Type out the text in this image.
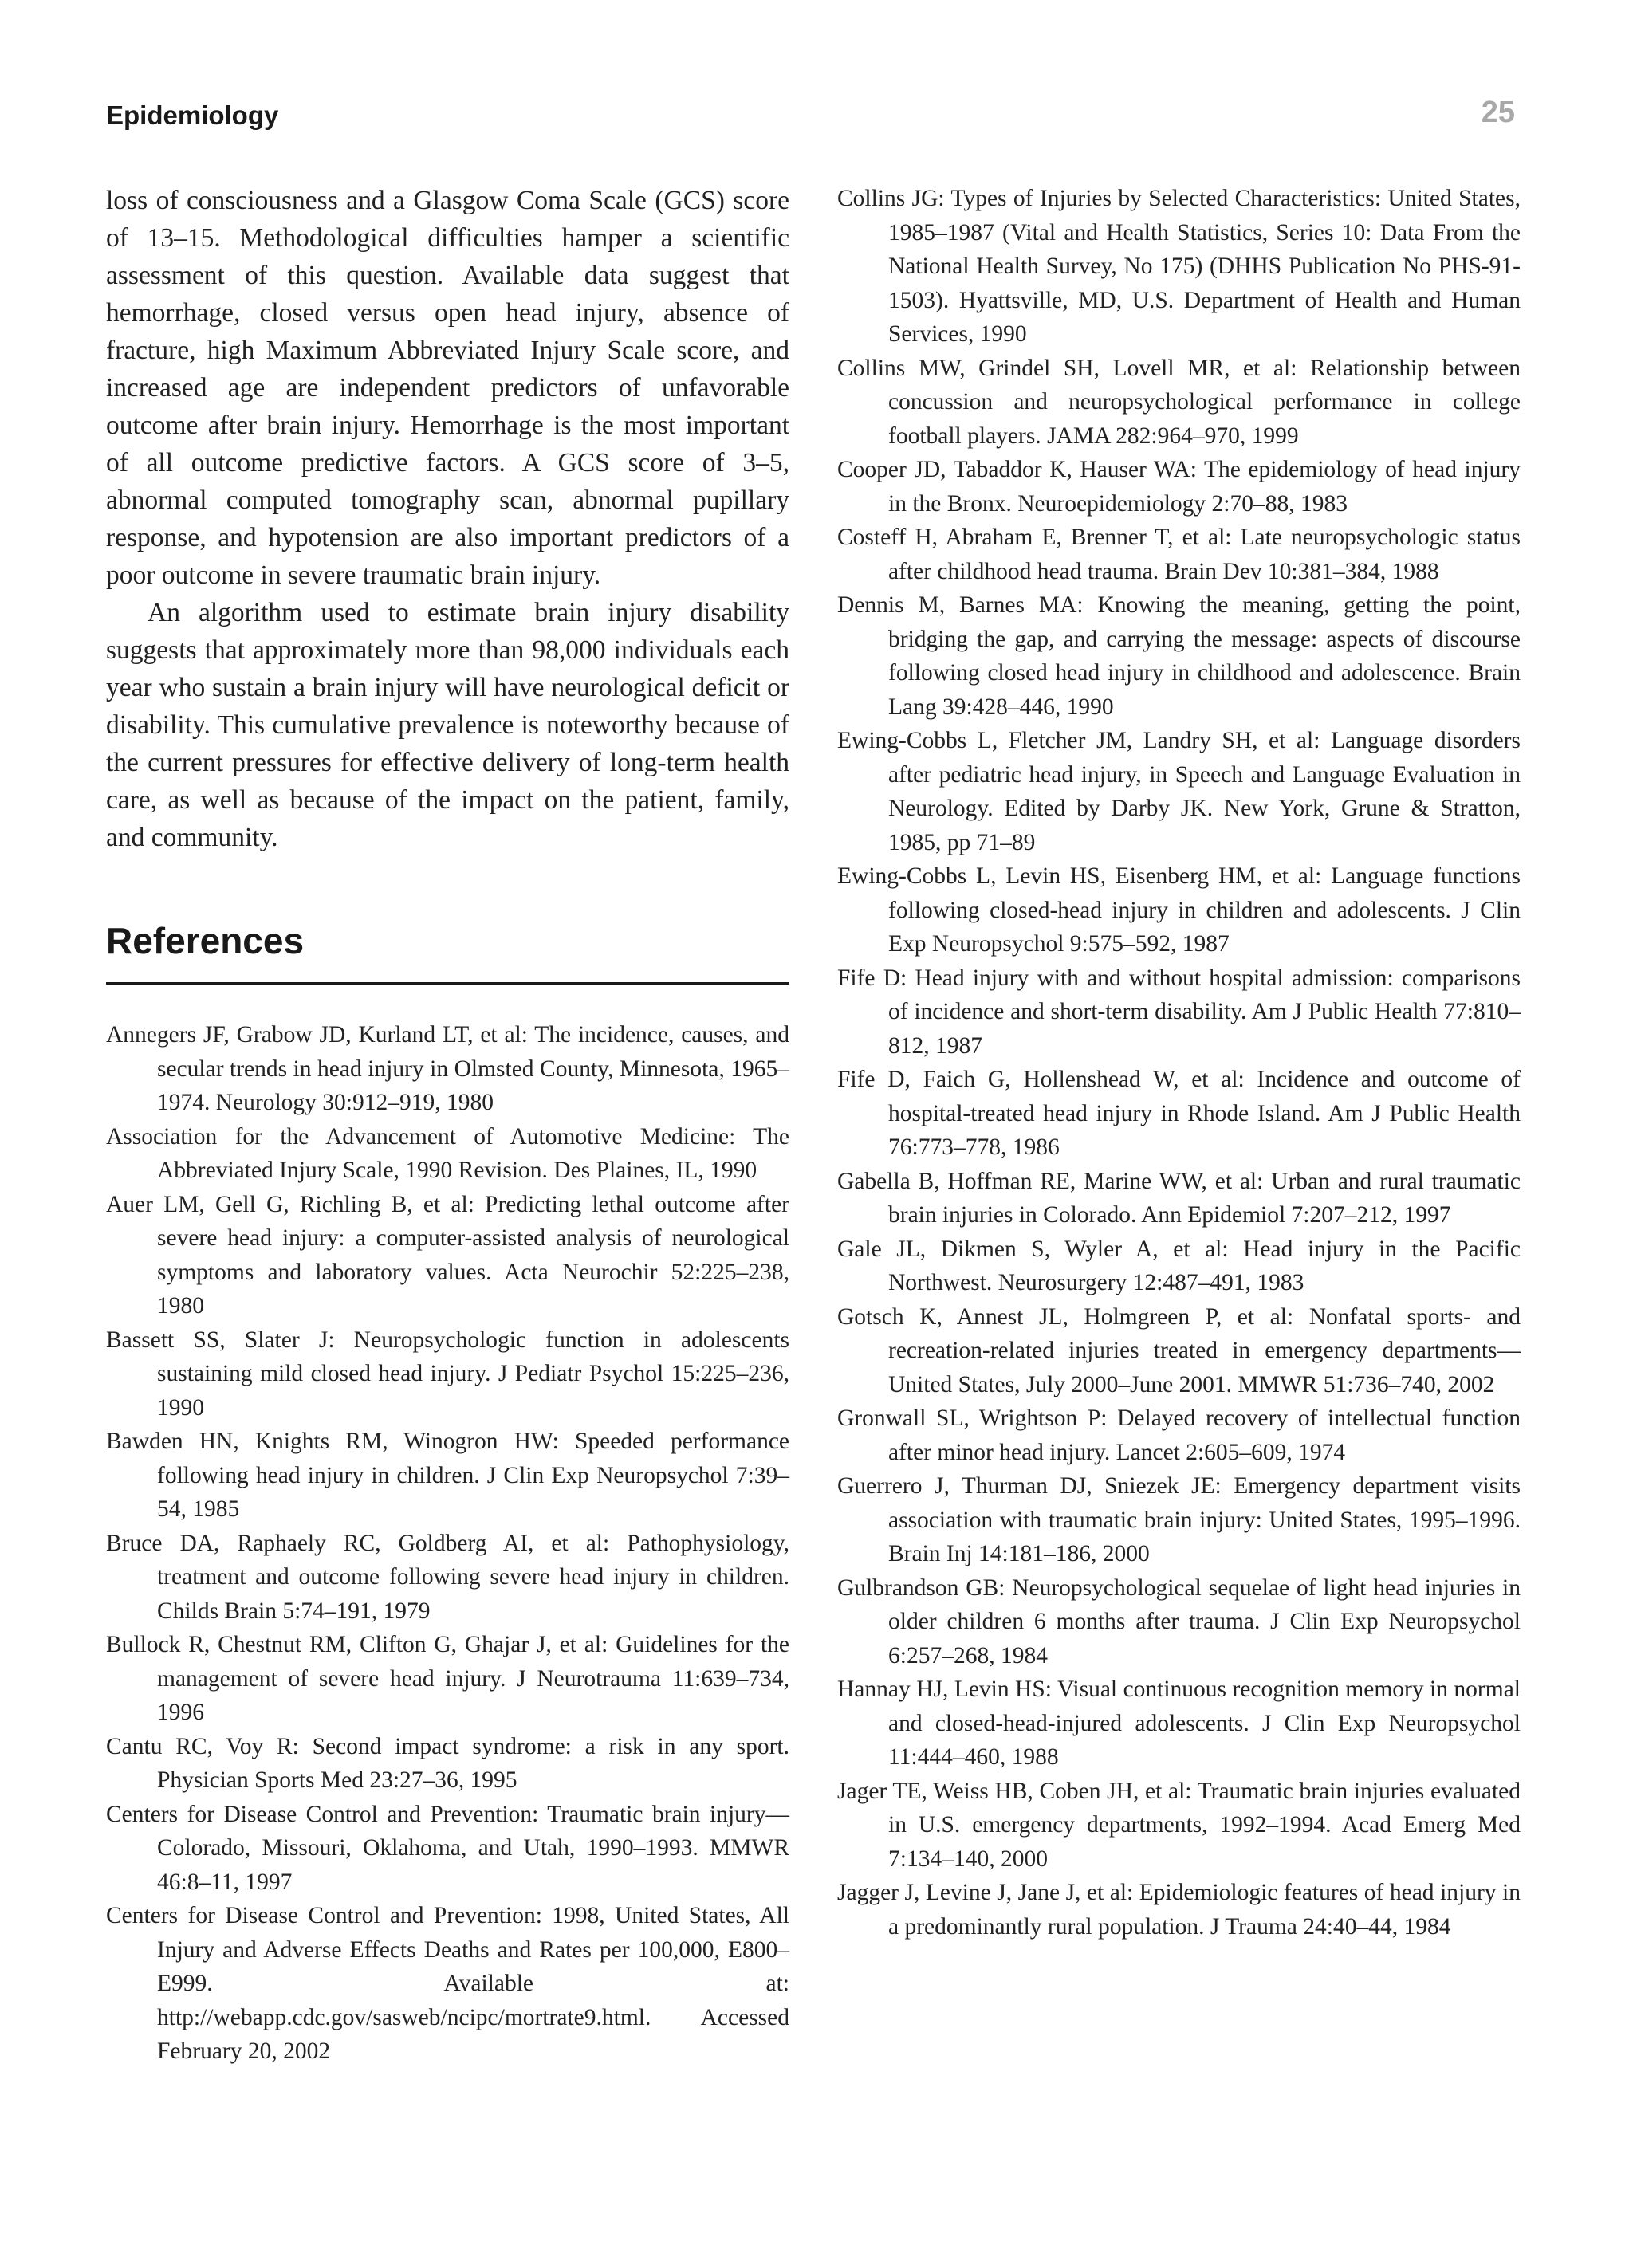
Epidemiology	25

loss of consciousness and a Glasgow Coma Scale (GCS) score of 13–15. Methodological difficulties hamper a scientific assessment of this question. Available data suggest that hemorrhage, closed versus open head injury, absence of fracture, high Maximum Abbreviated Injury Scale score, and increased age are independent predictors of unfavorable outcome after brain injury. Hemorrhage is the most important of all outcome predictive factors. A GCS score of 3–5, abnormal computed tomography scan, abnormal pupillary response, and hypotension are also important predictors of a poor outcome in severe traumatic brain injury.

An algorithm used to estimate brain injury disability suggests that approximately more than 98,000 individuals each year who sustain a brain injury will have neurological deficit or disability. This cumulative prevalence is noteworthy because of the current pressures for effective delivery of long-term health care, as well as because of the impact on the patient, family, and community.

References
Annegers JF, Grabow JD, Kurland LT, et al: The incidence, causes, and secular trends in head injury in Olmsted County, Minnesota, 1965–1974. Neurology 30:912–919, 1980
Association for the Advancement of Automotive Medicine: The Abbreviated Injury Scale, 1990 Revision. Des Plaines, IL, 1990
Auer LM, Gell G, Richling B, et al: Predicting lethal outcome after severe head injury: a computer-assisted analysis of neurological symptoms and laboratory values. Acta Neurochir 52:225–238, 1980
Bassett SS, Slater J: Neuropsychologic function in adolescents sustaining mild closed head injury. J Pediatr Psychol 15:225–236, 1990
Bawden HN, Knights RM, Winogron HW: Speeded performance following head injury in children. J Clin Exp Neuropsychol 7:39–54, 1985
Bruce DA, Raphaely RC, Goldberg AI, et al: Pathophysiology, treatment and outcome following severe head injury in children. Childs Brain 5:74–191, 1979
Bullock R, Chestnut RM, Clifton G, Ghajar J, et al: Guidelines for the management of severe head injury. J Neurotrauma 11:639–734, 1996
Cantu RC, Voy R: Second impact syndrome: a risk in any sport. Physician Sports Med 23:27–36, 1995
Centers for Disease Control and Prevention: Traumatic brain injury—Colorado, Missouri, Oklahoma, and Utah, 1990–1993. MMWR 46:8–11, 1997
Centers for Disease Control and Prevention: 1998, United States, All Injury and Adverse Effects Deaths and Rates per 100,000, E800–E999. Available at: http://webapp.cdc.gov/sasweb/ncipc/mortrate9.html. Accessed February 20, 2002
Collins JG: Types of Injuries by Selected Characteristics: United States, 1985–1987 (Vital and Health Statistics, Series 10: Data From the National Health Survey, No 175) (DHHS Publication No PHS-91-1503). Hyattsville, MD, U.S. Department of Health and Human Services, 1990
Collins MW, Grindel SH, Lovell MR, et al: Relationship between concussion and neuropsychological performance in college football players. JAMA 282:964–970, 1999
Cooper JD, Tabaddor K, Hauser WA: The epidemiology of head injury in the Bronx. Neuroepidemiology 2:70–88, 1983
Costeff H, Abraham E, Brenner T, et al: Late neuropsychologic status after childhood head trauma. Brain Dev 10:381–384, 1988
Dennis M, Barnes MA: Knowing the meaning, getting the point, bridging the gap, and carrying the message: aspects of discourse following closed head injury in childhood and adolescence. Brain Lang 39:428–446, 1990
Ewing-Cobbs L, Fletcher JM, Landry SH, et al: Language disorders after pediatric head injury, in Speech and Language Evaluation in Neurology. Edited by Darby JK. New York, Grune & Stratton, 1985, pp 71–89
Ewing-Cobbs L, Levin HS, Eisenberg HM, et al: Language functions following closed-head injury in children and adolescents. J Clin Exp Neuropsychol 9:575–592, 1987
Fife D: Head injury with and without hospital admission: comparisons of incidence and short-term disability. Am J Public Health 77:810–812, 1987
Fife D, Faich G, Hollenshead W, et al: Incidence and outcome of hospital-treated head injury in Rhode Island. Am J Public Health 76:773–778, 1986
Gabella B, Hoffman RE, Marine WW, et al: Urban and rural traumatic brain injuries in Colorado. Ann Epidemiol 7:207–212, 1997
Gale JL, Dikmen S, Wyler A, et al: Head injury in the Pacific Northwest. Neurosurgery 12:487–491, 1983
Gotsch K, Annest JL, Holmgreen P, et al: Nonfatal sports- and recreation-related injuries treated in emergency departments—United States, July 2000–June 2001. MMWR 51:736–740, 2002
Gronwall SL, Wrightson P: Delayed recovery of intellectual function after minor head injury. Lancet 2:605–609, 1974
Guerrero J, Thurman DJ, Sniezek JE: Emergency department visits association with traumatic brain injury: United States, 1995–1996. Brain Inj 14:181–186, 2000
Gulbrandson GB: Neuropsychological sequelae of light head injuries in older children 6 months after trauma. J Clin Exp Neuropsychol 6:257–268, 1984
Hannay HJ, Levin HS: Visual continuous recognition memory in normal and closed-head-injured adolescents. J Clin Exp Neuropsychol 11:444–460, 1988
Jager TE, Weiss HB, Coben JH, et al: Traumatic brain injuries evaluated in U.S. emergency departments, 1992–1994. Acad Emerg Med 7:134–140, 2000
Jagger J, Levine J, Jane J, et al: Epidemiologic features of head injury in a predominantly rural population. J Trauma 24:40–44, 1984
